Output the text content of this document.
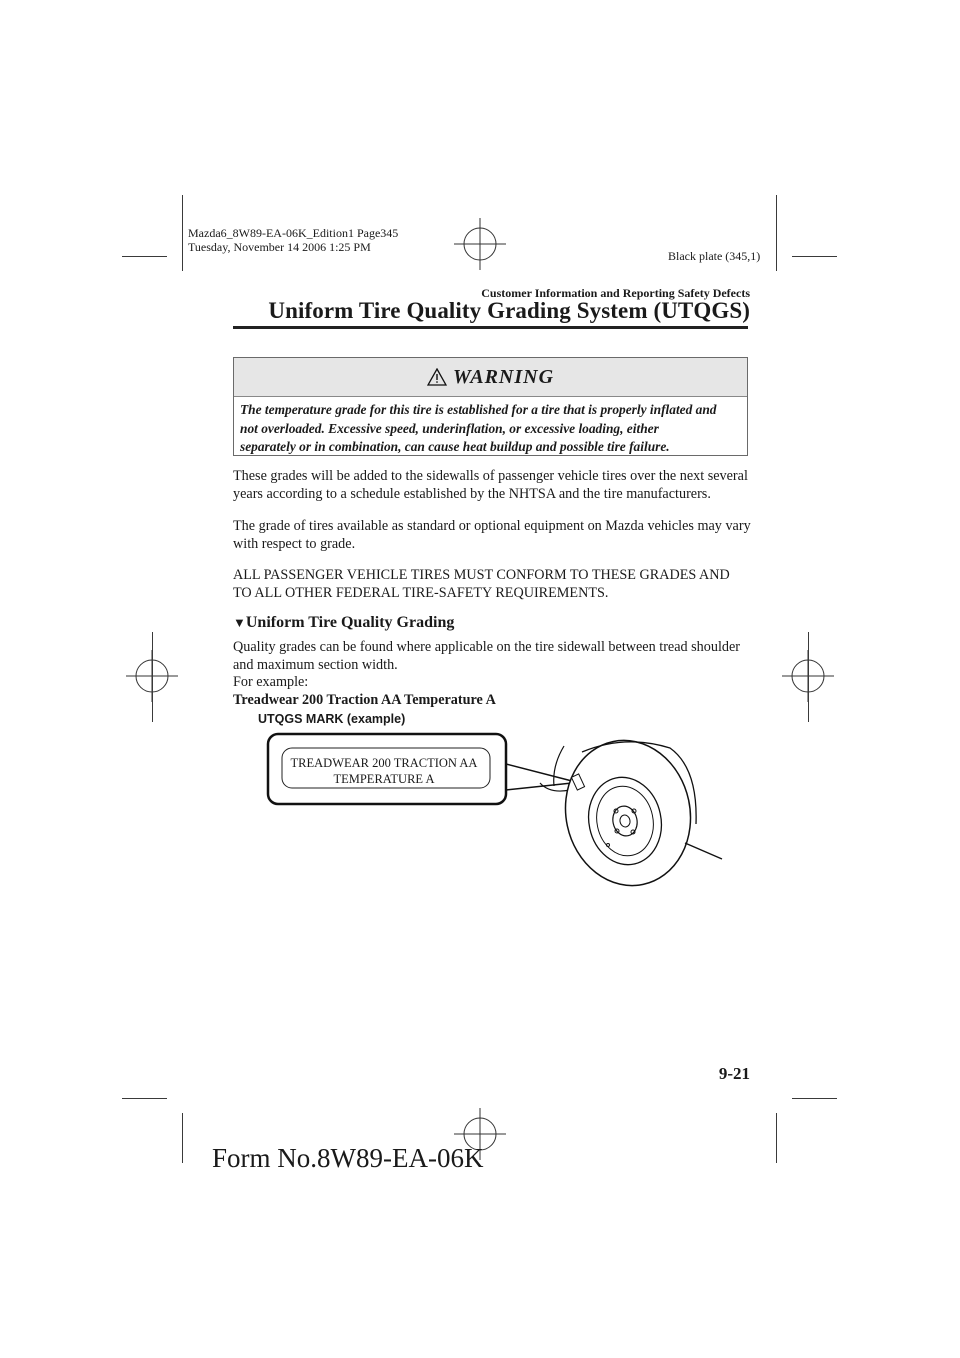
Mazda6_8W89-EA-06K_Edition1 Page345
Tuesday, November 14 2006 1:25 PM
Black plate (345,1)
Customer Information and Reporting Safety Defects
Uniform Tire Quality Grading System (UTQGS)
WARNING
The temperature grade for this tire is established for a tire that is properly inflated and
not overloaded. Excessive speed, underinflation, or excessive loading, either
separately or in combination, can cause heat buildup and possible tire failure.
These grades will be added to the sidewalls of passenger vehicle tires over the next several
years according to a schedule established by the NHTSA and the tire manufacturers.
The grade of tires available as standard or optional equipment on Mazda vehicles may vary
with respect to grade.
ALL PASSENGER VEHICLE TIRES MUST CONFORM TO THESE GRADES AND
TO ALL OTHER FEDERAL TIRE-SAFETY REQUIREMENTS.
▼Uniform Tire Quality Grading
Quality grades can be found where applicable on the tire sidewall between tread shoulder
and maximum section width.
For example:
Treadwear 200 Traction AA Temperature A
UTQGS MARK (example)
TREADWEAR 200 TRACTION AA
TEMPERATURE A
9-21
Form No.8W89-EA-06K
